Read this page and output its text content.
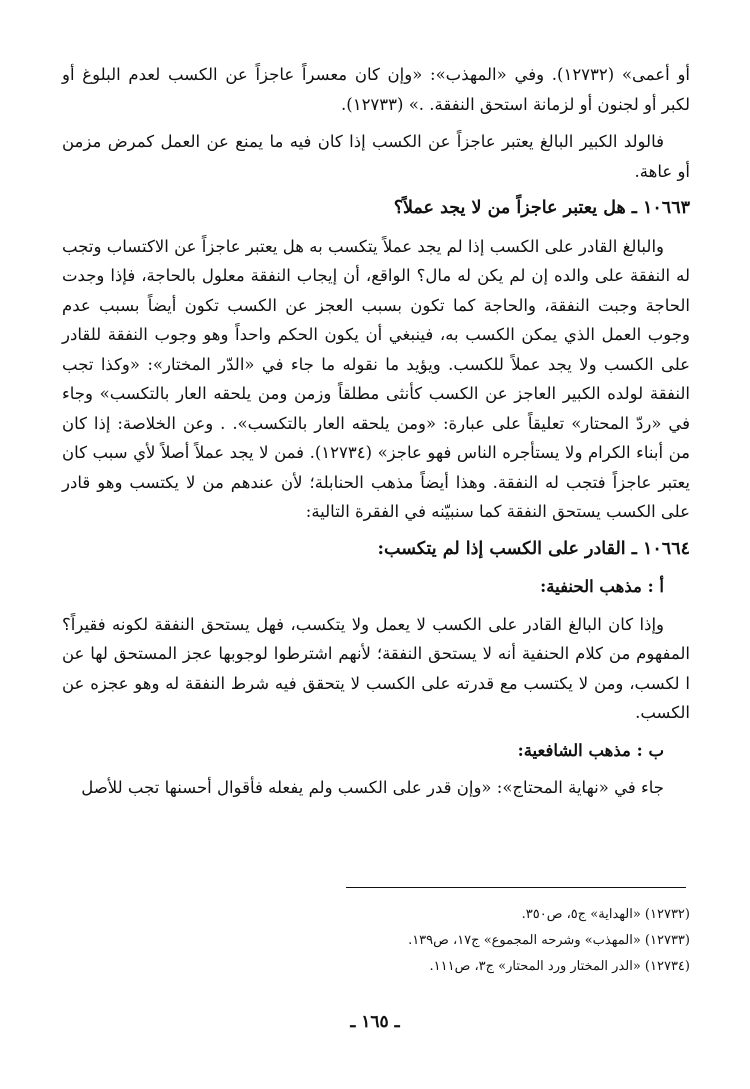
أو أعمى» (١٢٧٣٢). وفي «المهذب»: «وإن كان معسراً عاجزاً عن الكسب لعدم البلوغ أو لكبر أو لجنون أو لزمانة استحق النفقة. .» (١٢٧٣٣).

فالولد الكبير البالغ يعتبر عاجزاً عن الكسب إذا كان فيه ما يمنع عن العمل كمرض مزمن أو عاهة.

١٠٦٦٣ ـ هل يعتبر عاجزاً من لا يجد عملاً؟

والبالغ القادر على الكسب إذا لم يجد عملاً يتكسب به هل يعتبر عاجزاً عن الاكتساب وتجب له النفقة على والده إن لم يكن له مال؟ الواقع، أن إيجاب النفقة معلول بالحاجة، فإذا وجدت الحاجة وجبت النفقة، والحاجة كما تكون بسبب العجز عن الكسب تكون أيضاً بسبب عدم وجوب العمل الذي يمكن الكسب به، فينبغي أن يكون الحكم واحداً وهو وجوب النفقة للقادر على الكسب ولا يجد عملاً للكسب. ويؤيد ما نقوله ما جاء في «الدّر المختار»: «وكذا تجب النفقة لولده الكبير العاجز عن الكسب كأنثى مطلقاً وزمن ومن يلحقه العار بالتكسب» وجاء في «ردّ المحتار» تعليقاً على عبارة: «ومن يلحقه العار بالتكسب». . وعن الخلاصة: إذا كان من أبناء الكرام ولا يستأجره الناس فهو عاجز» (١٢٧٣٤). فمن لا يجد عملاً أصلاً لأي سبب كان يعتبر عاجزاً فتجب له النفقة. وهذا أيضاً مذهب الحنابلة؛ لأن عندهم من لا يكتسب وهو قادر على الكسب يستحق النفقة كما سنبيّنه في الفقرة التالية:

١٠٦٦٤ ـ القادر على الكسب إذا لم يتكسب:

أ : مذهب الحنفية:

وإذا كان البالغ القادر على الكسب لا يعمل ولا يتكسب، فهل يستحق النفقة لكونه فقيراً؟ المفهوم من كلام الحنفية أنه لا يستحق النفقة؛ لأنهم اشترطوا لوجوبها عجز المستحق لها عن ا لكسب، ومن لا يكتسب مع قدرته على الكسب لا يتحقق فيه شرط النفقة له وهو عجزه عن الكسب.

ب : مذهب الشافعية:

جاء في «نهاية المحتاج»: «وإن قدر على الكسب ولم يفعله فأقوال أحسنها تجب للأصل

(١٢٧٣٢) «الهداية» ج٥، ص٣٥٠.

(١٢٧٣٣) «المهذب» وشرحه المجموع» ج١٧، ص١٣٩.

(١٢٧٣٤) «الدر المختار ورد المحتار» ج٣، ص١١١.

ـ ١٦٥ ـ
